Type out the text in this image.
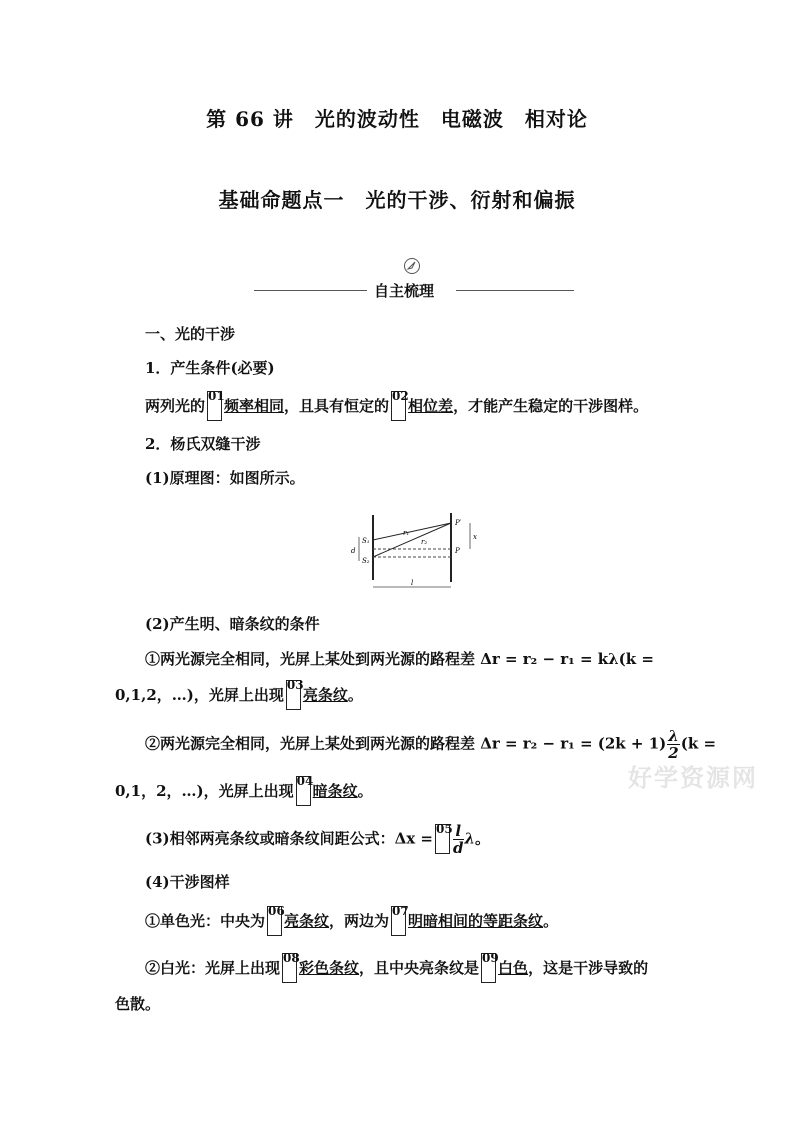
第 66 讲　光的波动性　电磁波　相对论
基础命题点一　光的干涉、衍射和偏振
自主梳理
一、光的干涉
1．产生条件(必要)
两列光的
01
频率相同，且具有恒定的
02
相位差，才能产生稳定的干涉图样。
2．杨氏双缝干涉
(1)原理图：如图所示。
S₁
S₂
d
r₁
r₂
P′
P
x
l
(2)产生明、暗条纹的条件
①两光源完全相同，光屏上某处到两光源的路程差 Δr = r₂ − r₁ = kλ(k =
0,1,2，…)，光屏上出现
03
亮条纹。
②两光源完全相同，光屏上某处到两光源的路程差 $\Delta r = r_2 - r_1 = (2k + 1) \frac{\lambda}{2} (k$ =
0,1，2，…)，光屏上出现
04
暗条纹。
(3)相邻两亮条纹或暗条纹间距公式：Δx =
$05 \frac{l}{d}$ λ。
(4)干涉图样
①单色光：中央为
06
亮条纹，两边为
07
明暗相间的等距条纹。
②白光：光屏上出现
08
彩色条纹，且中央亮条纹是
09
白色，这是干涉导致的
色散。
好学资源网
